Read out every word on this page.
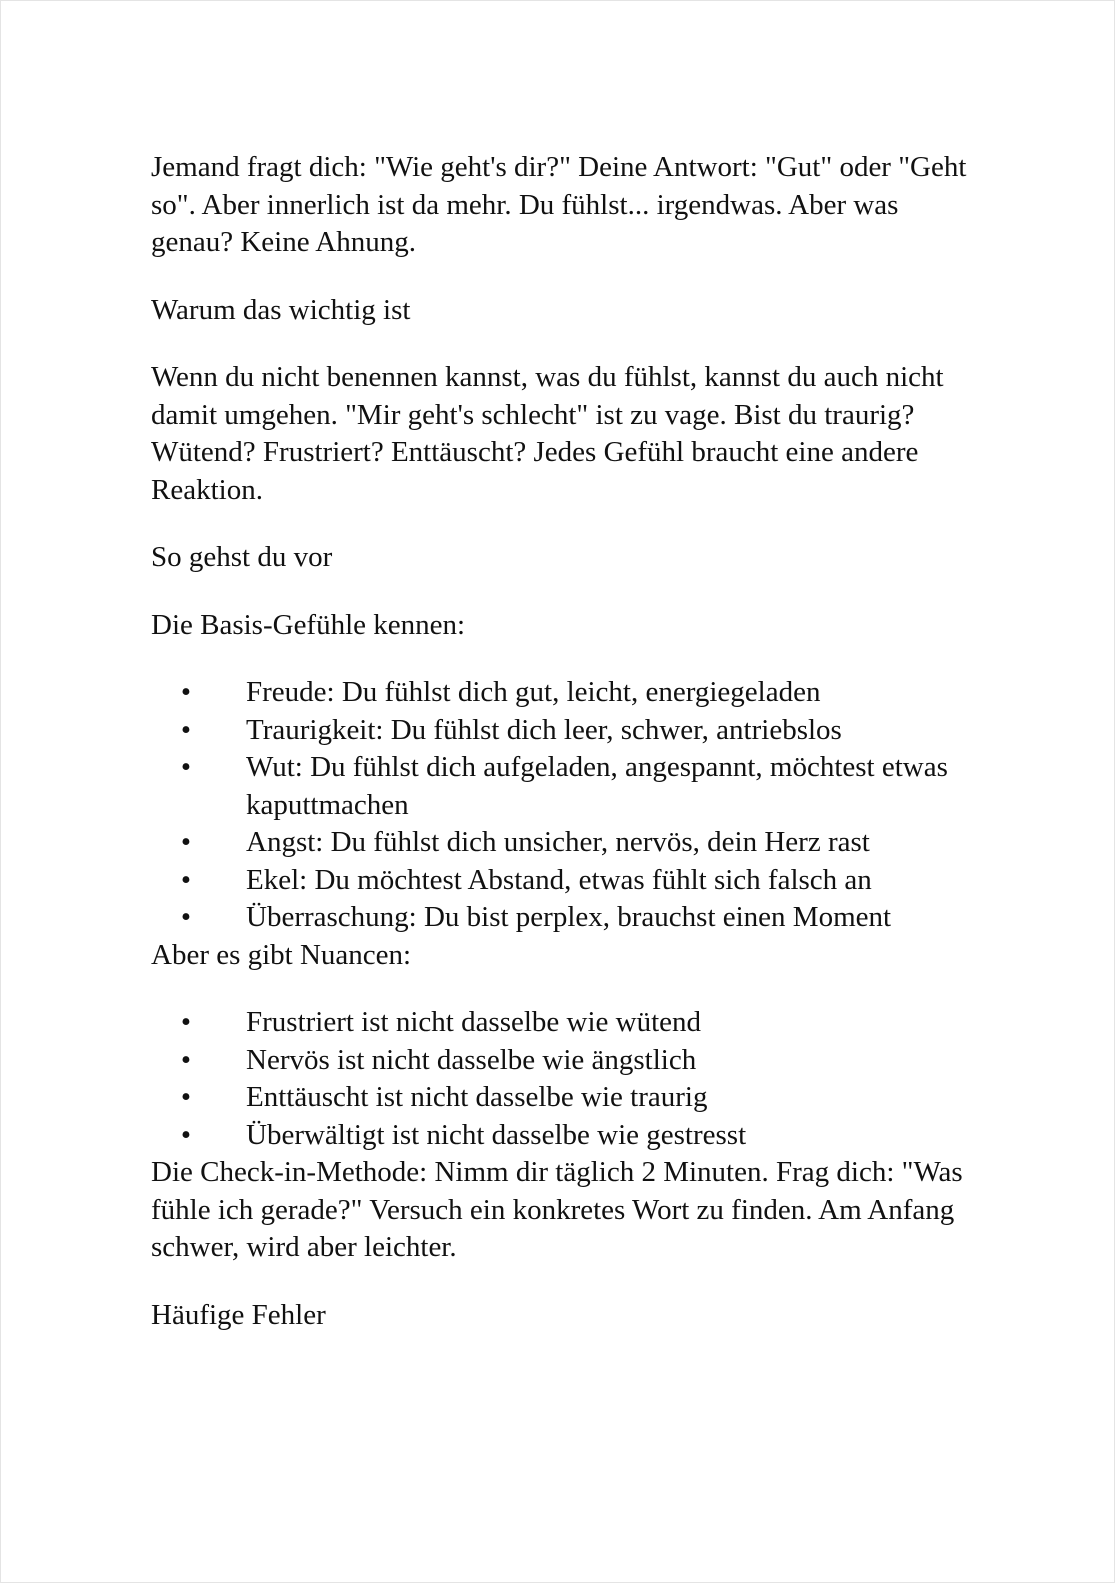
Jemand fragt dich: "Wie geht's dir?" Deine Antwort: "Gut" oder "Geht so". Aber innerlich ist da mehr. Du fühlst... irgendwas. Aber was genau? Keine Ahnung.

Warum das wichtig ist

Wenn du nicht benennen kannst, was du fühlst, kannst du auch nicht damit umgehen. "Mir geht's schlecht" ist zu vage. Bist du traurig? Wütend? Frustriert? Enttäuscht? Jedes Gefühl braucht eine andere Reaktion.

So gehst du vor

Die Basis-Gefühle kennen:

• Freude: Du fühlst dich gut, leicht, energiegeladen
• Traurigkeit: Du fühlst dich leer, schwer, antriebslos
• Wut: Du fühlst dich aufgeladen, angespannt, möchtest etwas kaputtmachen
• Angst: Du fühlst dich unsicher, nervös, dein Herz rast
• Ekel: Du möchtest Abstand, etwas fühlt sich falsch an
• Überraschung: Du bist perplex, brauchst einen Moment

Aber es gibt Nuancen:

• Frustriert ist nicht dasselbe wie wütend
• Nervös ist nicht dasselbe wie ängstlich
• Enttäuscht ist nicht dasselbe wie traurig
• Überwältigt ist nicht dasselbe wie gestresst

Die Check-in-Methode: Nimm dir täglich 2 Minuten. Frag dich: "Was fühle ich gerade?" Versuch ein konkretes Wort zu finden. Am Anfang schwer, wird aber leichter.

Häufige Fehler
